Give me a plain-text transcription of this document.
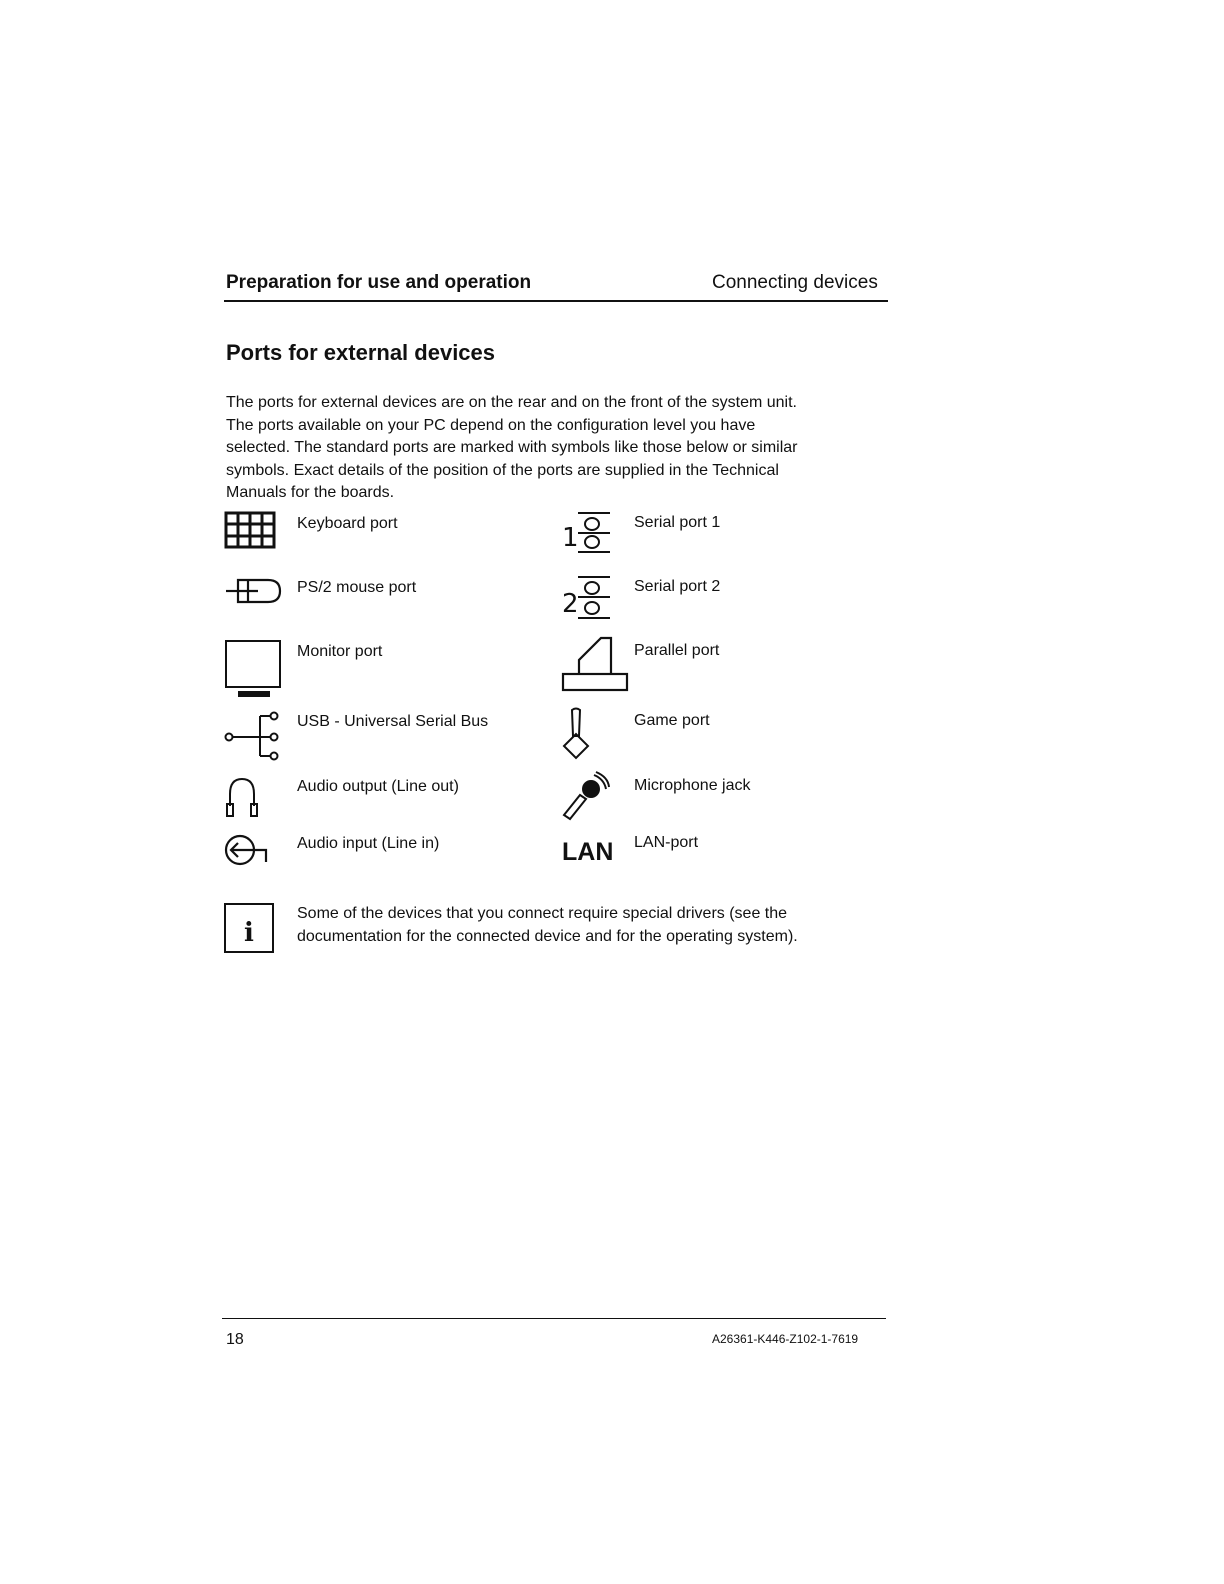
Preparation for use and operation	Connecting devices
Ports for external devices
The ports for external devices are on the rear and on the front of the system unit.
The ports available on your PC depend on the configuration level you have
selected. The standard ports are marked with symbols like those below or similar
symbols. Exact details of the position of the ports are supplied in the Technical
Manuals for the boards.
Keyboard port
PS/2 mouse port
Monitor port
USB - Universal Serial Bus
Audio output (Line out)
Audio input (Line in)
1
2
LAN
Serial port 1
Serial port 2
Parallel port
Game port
Microphone jack
LAN-port
i
Some of the devices that you connect require special drivers (see the
documentation for the connected device and for the operating system).
18	A26361-K446-Z102-1-7619
